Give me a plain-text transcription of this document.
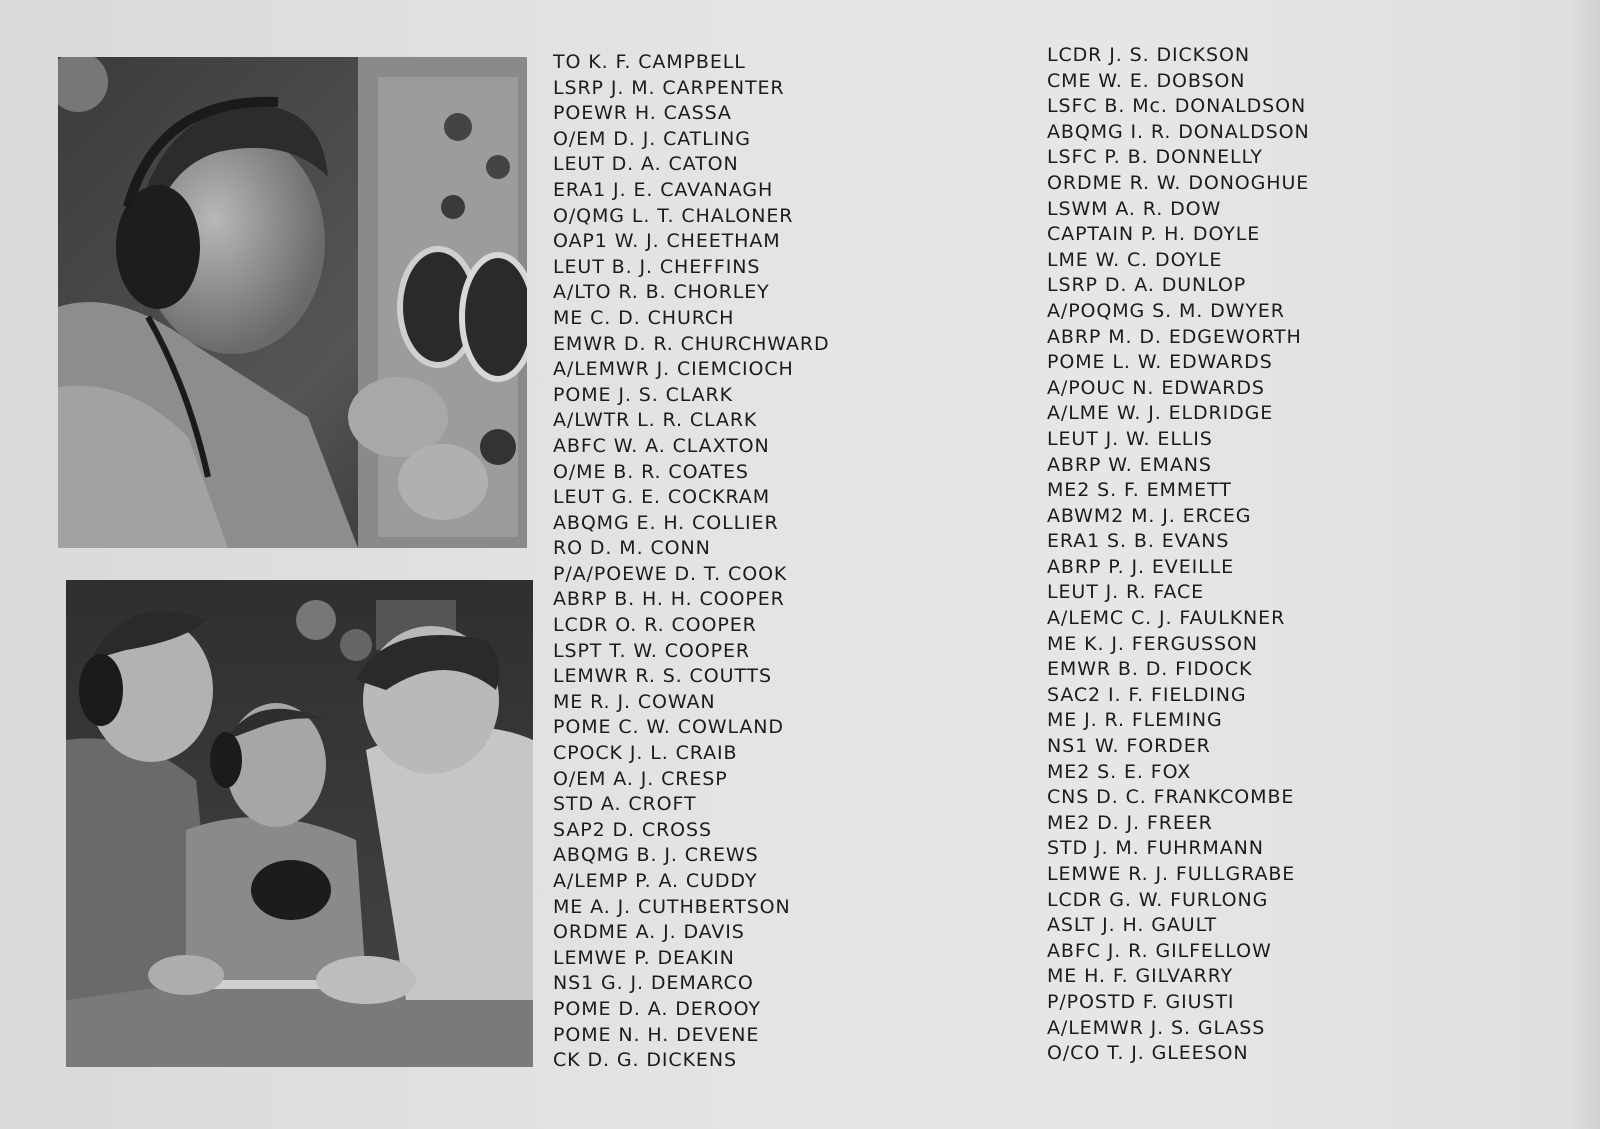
TO K. F. CAMPBELL
LSRP J. M. CARPENTER
POEWR H. CASSA
O/EM D. J. CATLING
LEUT D. A. CATON
ERA1 J. E. CAVANAGH
O/QMG L. T. CHALONER
OAP1 W. J. CHEETHAM
LEUT B. J. CHEFFINS
A/LTO R. B. CHORLEY
ME C. D. CHURCH
EMWR D. R. CHURCHWARD
A/LEMWR J. CIEMCIOCH
POME J. S. CLARK
A/LWTR L. R. CLARK
ABFC W. A. CLAXTON
O/ME B. R. COATES
LEUT G. E. COCKRAM
ABQMG E. H. COLLIER
RO D. M. CONN
P/A/POEWE D. T. COOK
ABRP B. H. H. COOPER
LCDR O. R. COOPER
LSPT T. W. COOPER
LEMWR R. S. COUTTS
ME R. J. COWAN
POME C. W. COWLAND
CPOCK J. L. CRAIB
O/EM A. J. CRESP
STD A. CROFT
SAP2 D. CROSS
ABQMG B. J. CREWS
A/LEMP P. A. CUDDY
ME A. J. CUTHBERTSON
ORDME A. J. DAVIS
LEMWE P. DEAKIN
NS1 G. J. DEMARCO
POME D. A. DEROOY
POME N. H. DEVENE
CK D. G. DICKENS
LCDR J. S. DICKSON
CME W. E. DOBSON
LSFC B. Mc. DONALDSON
ABQMG I. R. DONALDSON
LSFC P. B. DONNELLY
ORDME R. W. DONOGHUE
LSWM A. R. DOW
CAPTAIN P. H. DOYLE
LME W. C. DOYLE
LSRP D. A. DUNLOP
A/POQMG S. M. DWYER
ABRP M. D. EDGEWORTH
POME L. W. EDWARDS
A/POUC N. EDWARDS
A/LME W. J. ELDRIDGE
LEUT J. W. ELLIS
ABRP W. EMANS
ME2 S. F. EMMETT
ABWM2 M. J. ERCEG
ERA1 S. B. EVANS
ABRP P. J. EVEILLE
LEUT J. R. FACE
A/LEMC C. J. FAULKNER
ME K. J. FERGUSSON
EMWR B. D. FIDOCK
SAC2 I. F. FIELDING
ME J. R. FLEMING
NS1 W. FORDER
ME2 S. E. FOX
CNS D. C. FRANKCOMBE
ME2 D. J. FREER
STD J. M. FUHRMANN
LEMWE R. J. FULLGRABE
LCDR G. W. FURLONG
ASLT J. H. GAULT
ABFC J. R. GILFELLOW
ME H. F. GILVARRY
P/POSTD F. GIUSTI
A/LEMWR J. S. GLASS
O/CO T. J. GLEESON
